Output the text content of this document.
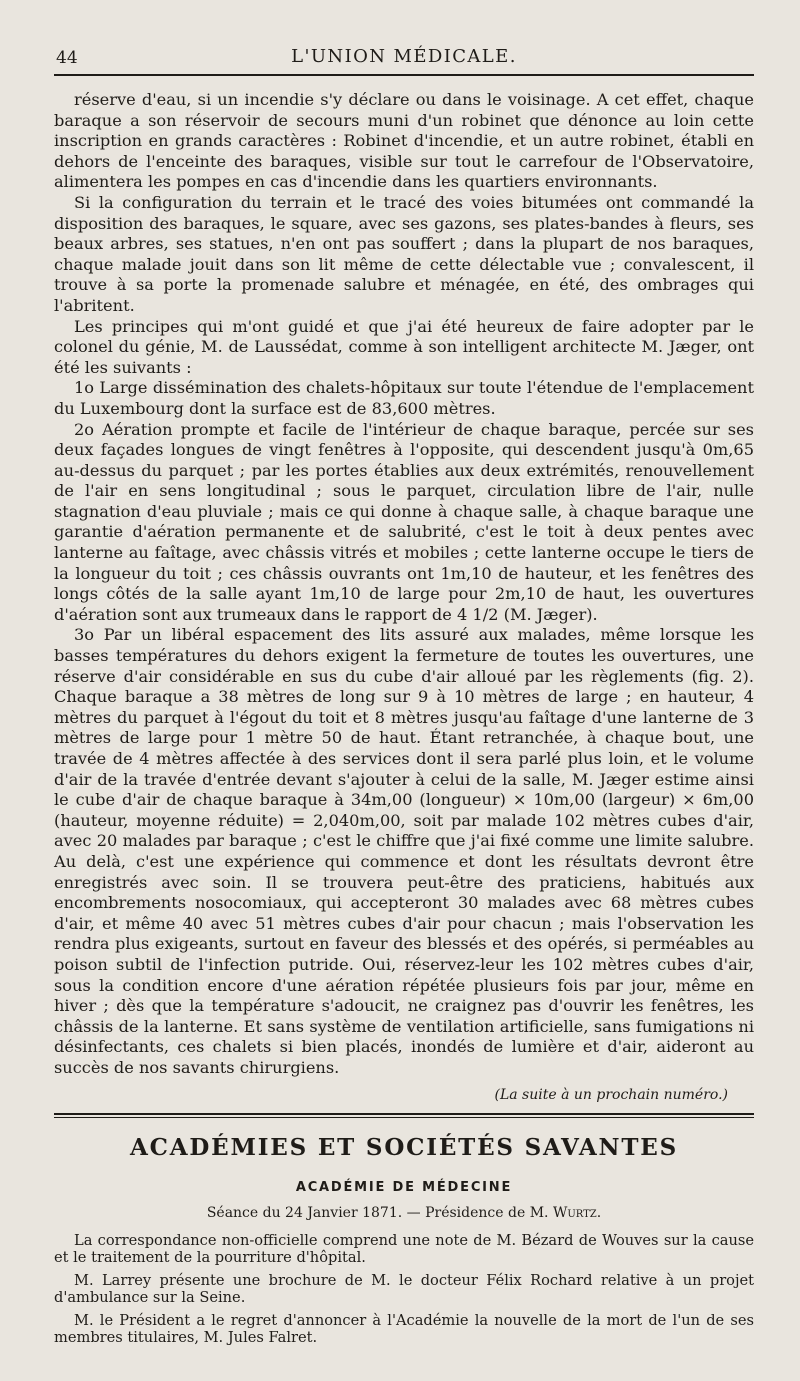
44	L'UNION MÉDICALE.

réserve d'eau, si un incendie s'y déclare ou dans le voisinage. A cet effet, chaque baraque a son réservoir de secours muni d'un robinet que dénonce au loin cette inscription en grands caractères : Robinet d'incendie, et un autre robinet, établi en dehors de l'enceinte des baraques, visible sur tout le carrefour de l'Observatoire, alimentera les pompes en cas d'incendie dans les quartiers environnants.

Si la configuration du terrain et le tracé des voies bitumées ont commandé la disposition des baraques, le square, avec ses gazons, ses plates-bandes à fleurs, ses beaux arbres, ses statues, n'en ont pas souffert ; dans la plupart de nos baraques, chaque malade jouit dans son lit même de cette délectable vue ; convalescent, il trouve à sa porte la promenade salubre et ménagée, en été, des ombrages qui l'abritent.

Les principes qui m'ont guidé et que j'ai été heureux de faire adopter par le colonel du génie, M. de Laussédat, comme à son intelligent architecte M. Jæger, ont été les suivants :

1o Large dissémination des chalets-hôpitaux sur toute l'étendue de l'emplacement du Luxembourg dont la surface est de 83,600 mètres.

2o Aération prompte et facile de l'intérieur de chaque baraque, percée sur ses deux façades longues de vingt fenêtres à l'opposite, qui descendent jusqu'à 0m,65 au-dessus du parquet ; par les portes établies aux deux extrémités, renouvellement de l'air en sens longitudinal ; sous le parquet, circulation libre de l'air, nulle stagnation d'eau pluviale ; mais ce qui donne à chaque salle, à chaque baraque une garantie d'aération permanente et de salubrité, c'est le toit à deux pentes avec lanterne au faîtage, avec châssis vitrés et mobiles ; cette lanterne occupe le tiers de la longueur du toit ; ces châssis ouvrants ont 1m,10 de hauteur, et les fenêtres des longs côtés de la salle ayant 1m,10 de large pour 2m,10 de haut, les ouvertures d'aération sont aux trumeaux dans le rapport de 4 1/2 (M. Jæger).

3o Par un libéral espacement des lits assuré aux malades, même lorsque les basses températures du dehors exigent la fermeture de toutes les ouvertures, une réserve d'air considérable en sus du cube d'air alloué par les règlements (fig. 2). Chaque baraque a 38 mètres de long sur 9 à 10 mètres de large ; en hauteur, 4 mètres du parquet à l'égout du toit et 8 mètres jusqu'au faîtage d'une lanterne de 3 mètres de large pour 1 mètre 50 de haut. Étant retranchée, à chaque bout, une travée de 4 mètres affectée à des services dont il sera parlé plus loin, et le volume d'air de la travée d'entrée devant s'ajouter à celui de la salle, M. Jæger estime ainsi le cube d'air de chaque baraque à 34m,00 (longueur) × 10m,00 (largeur) × 6m,00 (hauteur, moyenne réduite) = 2,040m,00, soit par malade 102 mètres cubes d'air, avec 20 malades par baraque ; c'est le chiffre que j'ai fixé comme une limite salubre. Au delà, c'est une expérience qui commence et dont les résultats devront être enregistrés avec soin. Il se trouvera peut-être des praticiens, habitués aux encombrements nosocomiaux, qui accepteront 30 malades avec 68 mètres cubes d'air, et même 40 avec 51 mètres cubes d'air pour chacun ; mais l'observation les rendra plus exigeants, surtout en faveur des blessés et des opérés, si perméables au poison subtil de l'infection putride. Oui, réservez-leur les 102 mètres cubes d'air, sous la condition encore d'une aération répétée plusieurs fois par jour, même en hiver ; dès que la température s'adoucit, ne craignez pas d'ouvrir les fenêtres, les châssis de la lanterne. Et sans système de ventilation artificielle, sans fumigations ni désinfectants, ces chalets si bien placés, inondés de lumière et d'air, aideront au succès de nos savants chirurgiens.

(La suite à un prochain numéro.)
ACADÉMIES ET SOCIÉTÉS SAVANTES
ACADÉMIE DE MÉDECINE
Séance du 24 Janvier 1871. — Présidence de M. Wurtz.

La correspondance non-officielle comprend une note de M. Bézard de Wouves sur la cause et le traitement de la pourriture d'hôpital.

M. Larrey présente une brochure de M. le docteur Félix Rochard relative à un projet d'ambulance sur la Seine.

M. le Président a le regret d'annoncer à l'Académie la nouvelle de la mort de l'un de ses membres titulaires, M. Jules Falret.
